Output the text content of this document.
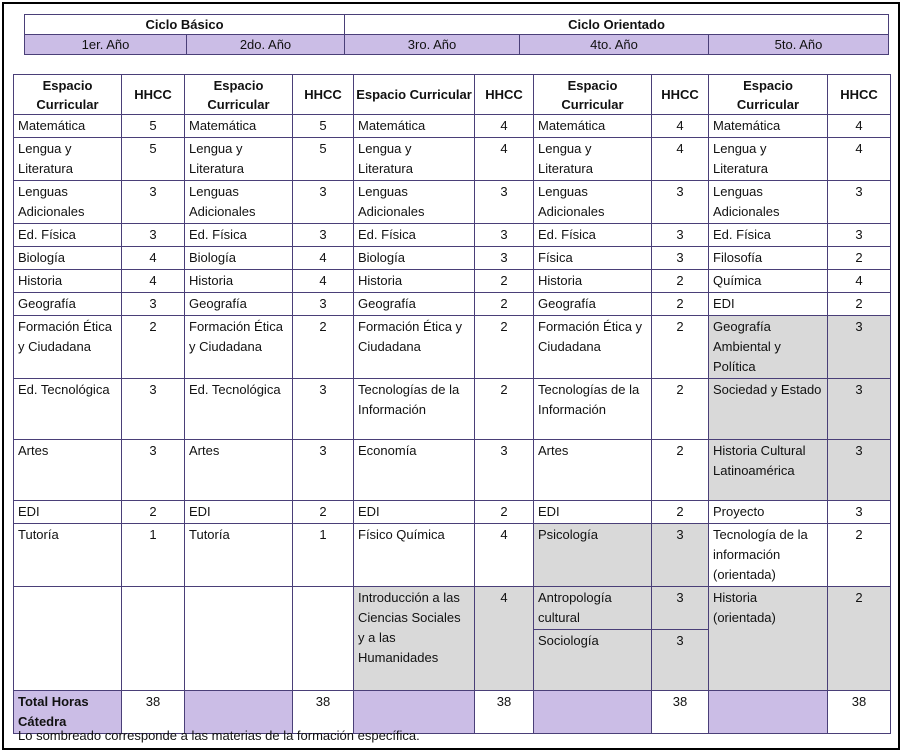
Ciclo Básico		Ciclo Orientado		
1er. Año	2do. Año	3ro. Año	4to. Año	5to. Año
Espacio Curricular	HHCC	Espacio Curricular	HHCC	Espacio Curricular	HHCC	Espacio Curricular	HHCC	Espacio Curricular	HHCC
Matemática	5	Matemática	5	Matemática	4	Matemática	4	Matemática	4
Lengua y Literatura	5	Lengua y Literatura	5	Lengua y Literatura	4	Lengua y Literatura	4	Lengua y Literatura	4
Lenguas Adicionales	3	Lenguas Adicionales	3	Lenguas Adicionales	3	Lenguas Adicionales	3	Lenguas Adicionales	3
Ed. Física	3	Ed. Física	3	Ed. Física	3	Ed. Física	3	Ed. Física	3
Biología	4	Biología	4	Biología	3	Física	3	Filosofía	2
Historia	4	Historia	4	Historia	2	Historia	2	Química	4
Geografía	3	Geografía	3	Geografía	2	Geografía	2	EDI	2
Formación Ética y Ciudadana	2	Formación Ética y Ciudadana	2	Formación Ética y Ciudadana	2	Formación Ética y Ciudadana	2	Geografía Ambiental y Política	3
Ed. Tecnológica	3	Ed. Tecnológica	3	Tecnologías de la Información	2	Tecnologías de la Información	2	Sociedad y Estado	3
Artes	3	Artes	3	Economía	3	Artes	2	Historia Cultural Latinoamérica	3
EDI	2	EDI	2	EDI	2	EDI	2	Proyecto	3
Tutoría	1	Tutoría	1	Físico Química	4	Psicología	3	Tecnología de la información (orientada)	2
				Introducción a las Ciencias Sociales y a las Humanidades	4	Antropología cultural	3	Historia (orientada)	2
						Sociología	3		
Total Horas Cátedra	38		38		38		38		38
Lo sombreado corresponde a las materias de la formación específica.
